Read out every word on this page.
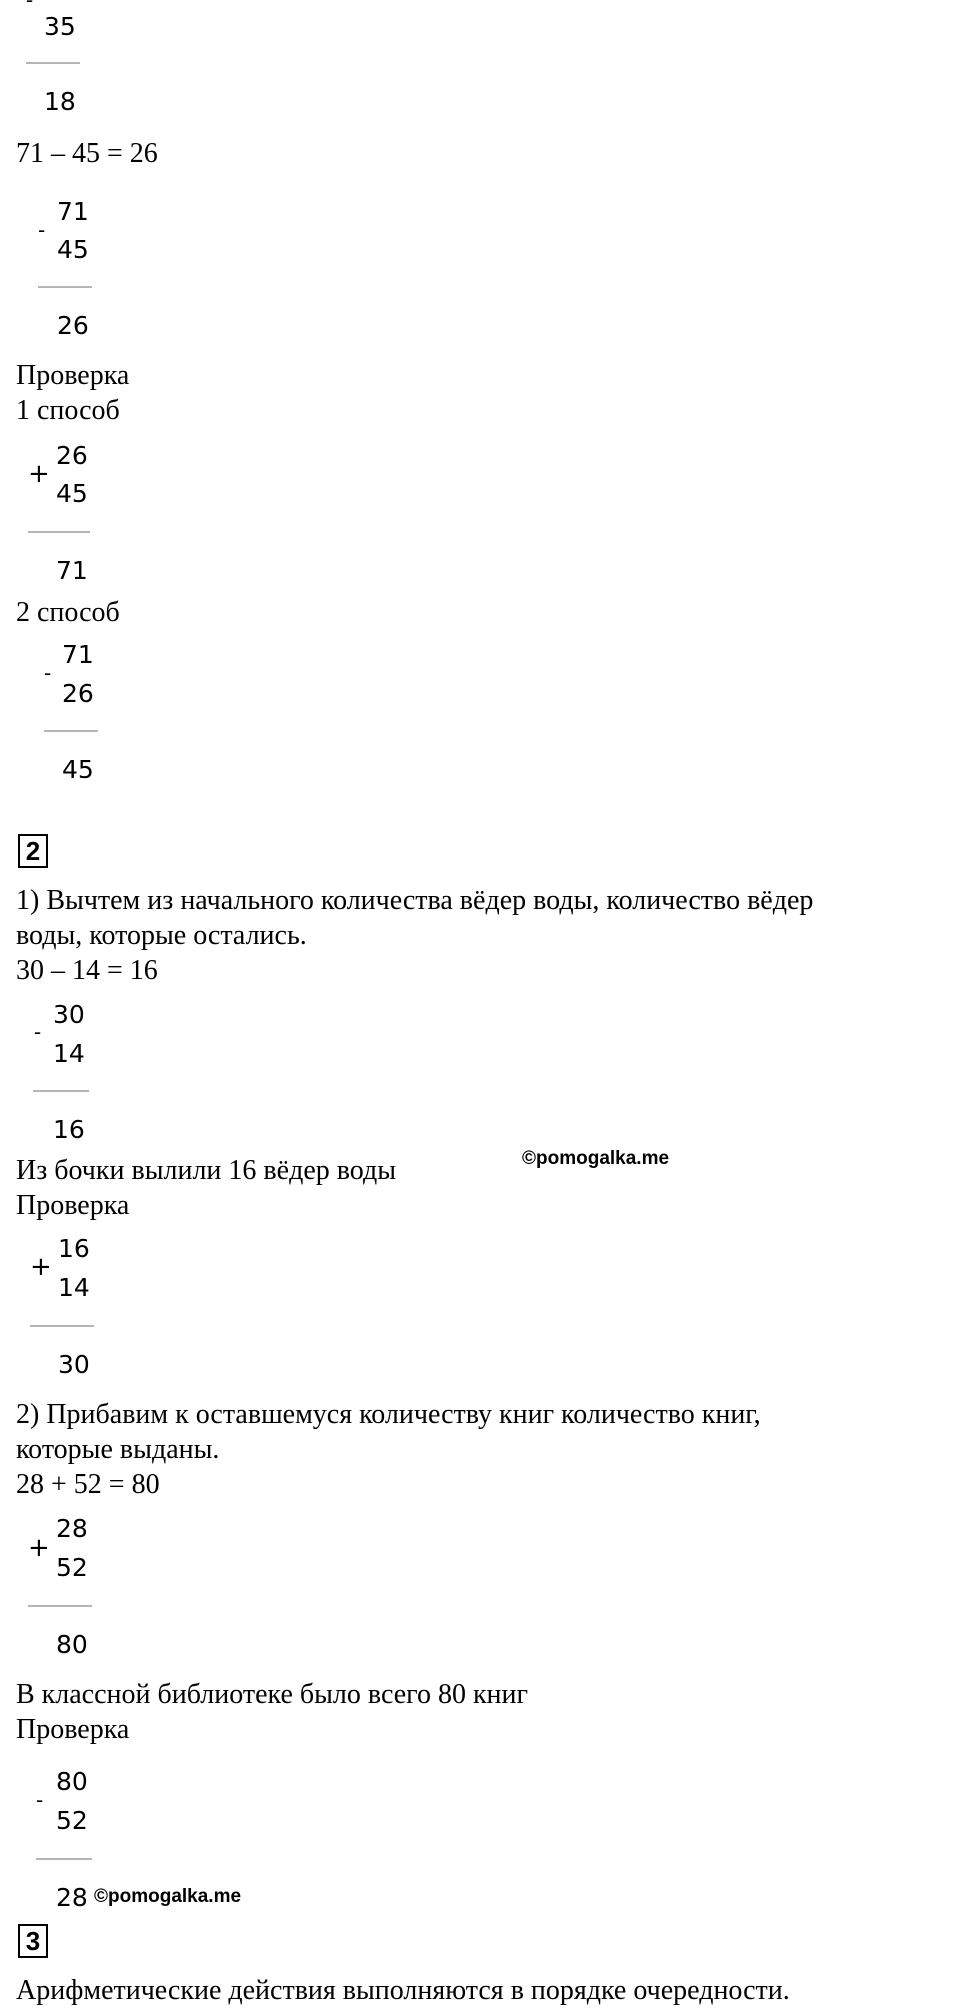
-
35
18
71 – 45 = 26
-
71
45
26
Проверка
1 способ
+
26
45
71
2 способ
-
71
26
45
2
1) Вычтем из начального количества вёдер воды, количество вёдер
воды, которые остались.
30 – 14 = 16
-
30
14
16
Из бочки вылили 16 вёдер воды	©pomogalka.me
Проверка
+
16
14
30
2) Прибавим к оставшемуся количеству книг количество книг,
которые выданы.
28 + 52 = 80
+
28
52
80
В классной библиотеке было всего 80 книг
Проверка
-
80
52
28 ©pomogalka.me
3
Арифметические действия выполняются в порядке очередности.
